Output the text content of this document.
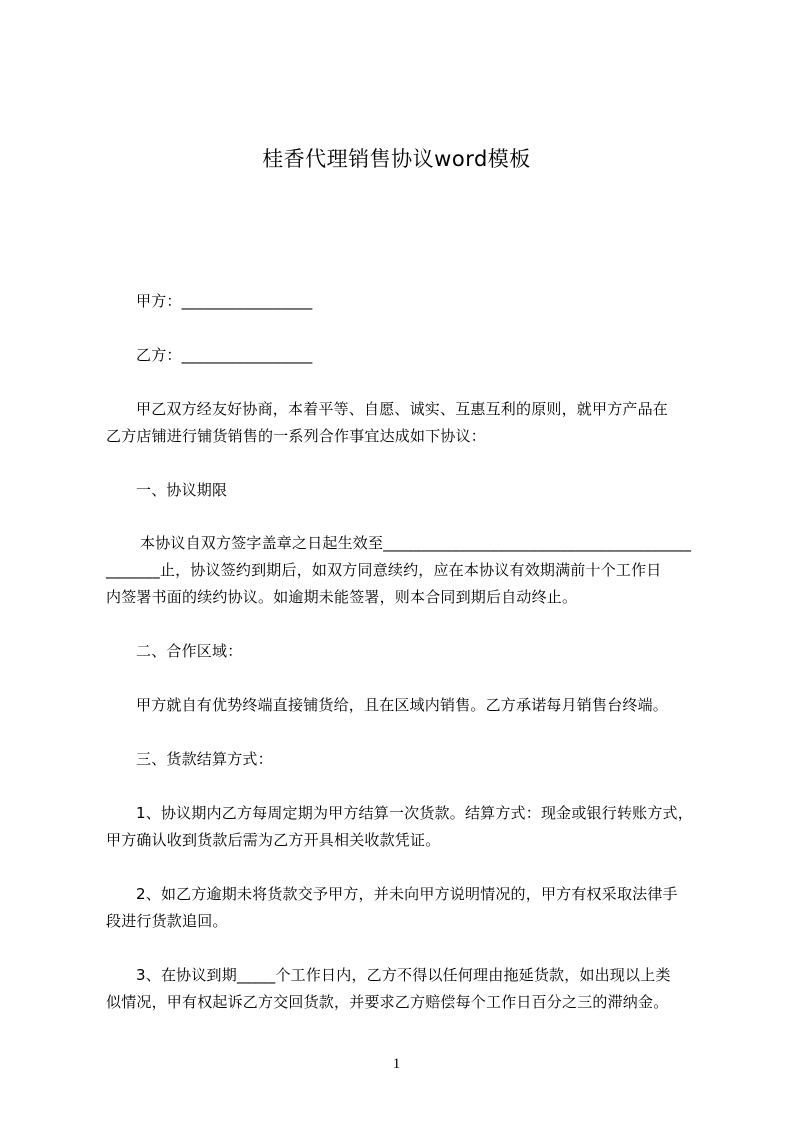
桂香代理销售协议word模板
甲方：_________________
乙方：_________________
甲乙双方经友好协商，本着平等、自愿、诚实、互惠互利的原则，就甲方产品在
乙方店铺进行铺货销售的一系列合作事宜达成如下协议：
一、协议期限
本协议自双方签字盖章之日起生效至________________________________________
_______止，协议签约到期后，如双方同意续约，应在本协议有效期满前十个工作日
内签署书面的续约协议。如逾期未能签署，则本合同到期后自动终止。
二、合作区域：
甲方就自有优势终端直接铺货给，且在区域内销售。乙方承诺每月销售台终端。
三、货款结算方式：
1、协议期内乙方每周定期为甲方结算一次货款。结算方式：现金或银行转账方式，
甲方确认收到货款后需为乙方开具相关收款凭证。
2、如乙方逾期未将货款交予甲方，并未向甲方说明情况的，甲方有权采取法律手
段进行货款追回。
3、在协议到期_____个工作日内，乙方不得以任何理由拖延货款，如出现以上类
似情况，甲有权起诉乙方交回货款，并要求乙方赔偿每个工作日百分之三的滞纳金。
1
